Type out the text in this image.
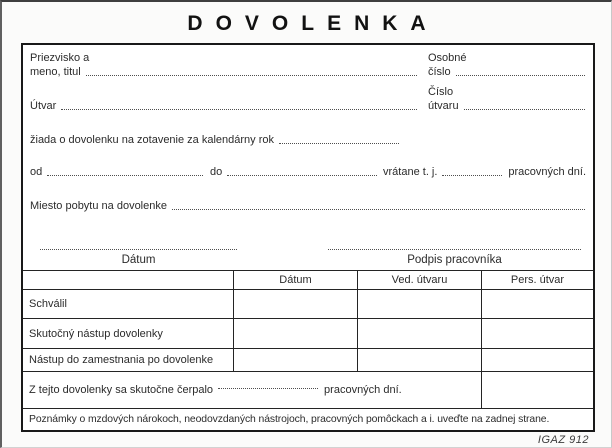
DOVOLENKA
Priezvisko a
meno, titul
Osobné
číslo
Útvar
Číslo
útvaru
žiada o dovolenku na zotavenie za kalendárny rok
od	do	vrátane t. j.	pracovných dní.
Miesto pobytu na dovolenke
Dátum	Podpis pracovníka
Dátum	Ved. útvaru	Pers. útvar
Schválil
Skutočný nástup dovolenky
Nástup do zamestnania po dovolenke
Z tejto dovolenky sa skutočne čerpalo	pracovných dní.
Poznámky o mzdových nárokoch, neodovzdaných nástrojoch, pracovných pomôckach a i. uveďte na zadnej strane.
IGAZ 912
